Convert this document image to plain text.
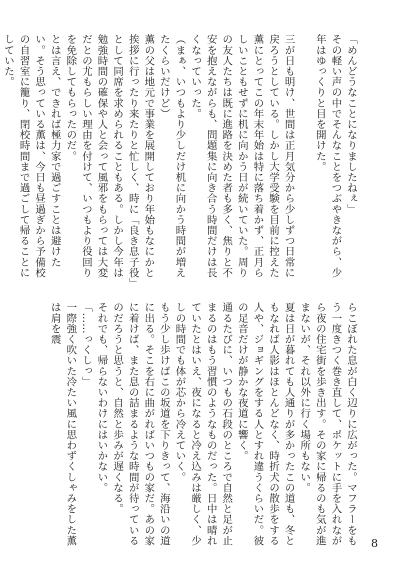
「めんどうなことになりましたねぇ」
その軽い声の中でそんなことをつぶやきながら、少年はゆっくりと目を開けた。

三が日も明け、世間は正月気分から少しずつ日常に戻ろうとしている。しかし大学受験を目前に控えた薫にとってこの年末年始は特に落ち着かず、正月らしいこともせずに机に向かう日が続いていた。周りの友人たちは既に進路を決めた者も多く、焦りと不安を抱えながらも、問題集に向き合う時間だけは長くなっていった。
（まぁ、いつもより少しだけ机に向かう時間が増えたくらいだけど）
薫の父は地元で事業を展開しており年始もなにかと挨拶に行ったり来たりと忙しく、時に「良き息子役」として同席を求められることもある。しかし今年は勉強時間の確保や人と会って風邪をもらっては大変だとの尤もらしい理由を付けて、いつもより役回りを免除してもらったのだ。
とは言え、できれば極力家で過ごすことは避けたい。そう思っている薫は、今日も昼過ぎから予備校の自習室に籠り、閉校時間まで過ごして帰ることにしていた。

らこぼれた息が白く辺りに広がった。マフラーをもう一度きつく巻き直して、ポケットに手を入れながら夜の住宅街を歩き出す。その家に帰るのも気が進まないが、それ以外に行く場所もない。
夏は日が暮れても人通りが多かったこの道も、冬ともなれば人影はほとんどなく、時折犬の散歩をする人や、ジョギングをする人とすれ違うくらいだ。彼の足音だけが静かな夜道に響く。
通るたびに、いつもの石段のところで自然と足が止まるのはもう習慣のようなものだった。日中は晴れていたとはいえ、夜になると冷え込みは厳しく、少しの時間でも体が芯から冷えていく。
もう少し歩けばこの坂道を下りきって、海沿いの道に出る。そこを右に曲がればいつもの家だ。あの家に着けば、また息の詰まるような時間が待っているのだろうと思うと、自然と歩みが遅くなる。
それでも、帰らないわけにはいかない。
「……っくしっ」
一際強く吹いた冷たい風に思わずくしゃみをした薫は肩を震
8
